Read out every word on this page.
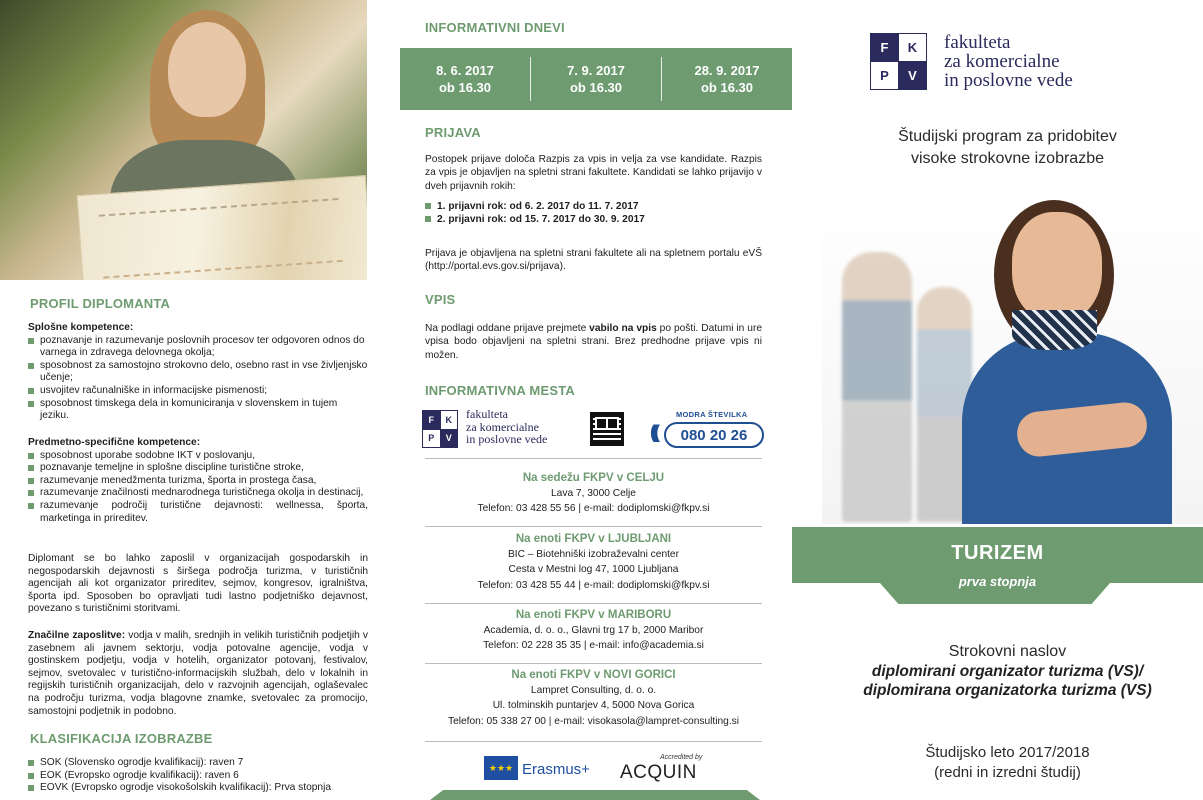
PROFIL DIPLOMANTA
Splošne kompetence:
poznavanje in razumevanje poslovnih procesov ter odgovoren odnos do varnega in zdravega delovnega okolja;
sposobnost za samostojno strokovno delo, osebno rast in vse življenjsko učenje;
usvojitev računalniške in informacijske pismenosti;
sposobnost timskega dela in komuniciranja v slovenskem in tujem jeziku.
Predmetno-specifične kompetence:
sposobnost uporabe sodobne IKT v poslovanju,
poznavanje temeljne in splošne discipline turistične stroke,
razumevanje menedžmenta turizma, športa in prostega časa,
razumevanje značilnosti mednarodnega turističnega okolja in destinacij,
razumevanje področij turistične dejavnosti: wellnessa, športa, marketinga in prireditev.
Diplomant se bo lahko zaposlil v organizacijah gospodarskih in negospodarskih dejavnosti s širšega področja turizma, v turističnih agencijah ali kot organizator prireditev, sejmov, kongresov, igralništva, športa ipd. Sposoben bo opravljati tudi lastno podjetniško dejavnost, povezano s turističnimi storitvami.
Značilne zaposlitve: vodja v malih, srednjih in velikih turističnih podjetjih v zasebnem ali javnem sektorju, vodja potovalne agencije, vodja v gostinskem podjetju, vodja v hotelih, organizator potovanj, festivalov, sejmov, svetovalec v turistično-informacijskih službah, delo v lokalnih in regijskih turističnih organizacijah, delo v razvojnih agencijah, oglaševalec na področju turizma, vodja blagovne znamke, svetovalec za promocijo, samostojni podjetnik in podobno.
KLASIFIKACIJA IZOBRAZBE
SOK (Slovensko ogrodje kvalifikacij): raven 7
EOK (Evropsko ogrodje kvalifikacij): raven 6
EOVK (Evropsko ogrodje visokošolskih kvalifikacij): Prva stopnja
INFORMATIVNI DNEVI
8. 6. 2017
ob 16.30
7. 9. 2017
ob 16.30
28. 9. 2017
ob 16.30
PRIJAVA
Postopek prijave določa Razpis za vpis in velja za vse kandidate. Razpis za vpis je objavljen na spletni strani fakultete. Kandidati se lahko prijavijo v dveh prijavnih rokih:
1. prijavni rok: od 6. 2. 2017 do 11. 7. 2017
2. prijavni rok: od 15. 7. 2017 do 30. 9. 2017
Prijava je objavljena na spletni strani fakultete ali na spletnem portalu eVŠ (http://portal.evs.gov.si/prijava).
VPIS
Na podlagi oddane prijave prejmete vabilo na vpis po pošti. Datumi in ure vpisa bodo objavljeni na spletni strani. Brez predhodne prijave vpis ni možen.
INFORMATIVNA MESTA
F	K
P	V
fakulteta
za komercialne
in poslovne vede
MODRA ŠTEVILKA
(((	080 20 26
Na sedežu FKPV v CELJU
Lava 7, 3000 Celje
Telefon: 03 428 55 56 | e-mail: dodiplomski@fkpv.si
Na enoti FKPV v LJUBLJANI
BIC – Biotehniški izobraževalni center
Cesta v Mestni log 47, 1000 Ljubljana
Telefon: 03 428 55 44 | e-mail: dodiplomski@fkpv.si
Na enoti FKPV v MARIBORU
Academia, d. o. o., Glavni trg 17 b, 2000 Maribor
Telefon: 02 228 35 35 | e-mail: info@academia.si
Na enoti FKPV v NOVI GORICI
Lampret Consulting, d. o. o.
Ul. tolminskih puntarjev 4, 5000 Nova Gorica
Telefon: 05 338 27 00 | e-mail: visokasola@lampret-consulting.si
★★★ Erasmus+
Accredited by
ACQUIN
F	K
P	V
fakulteta
za komercialne
in poslovne vede
Študijski program za pridobitev
visoke strokovne izobrazbe
TURIZEM
prva stopnja
Strokovni naslov
diplomirani organizator turizma (VS)/
diplomirana organizatorka turizma (VS)
Študijsko leto 2017/2018
(redni in izredni študij)
